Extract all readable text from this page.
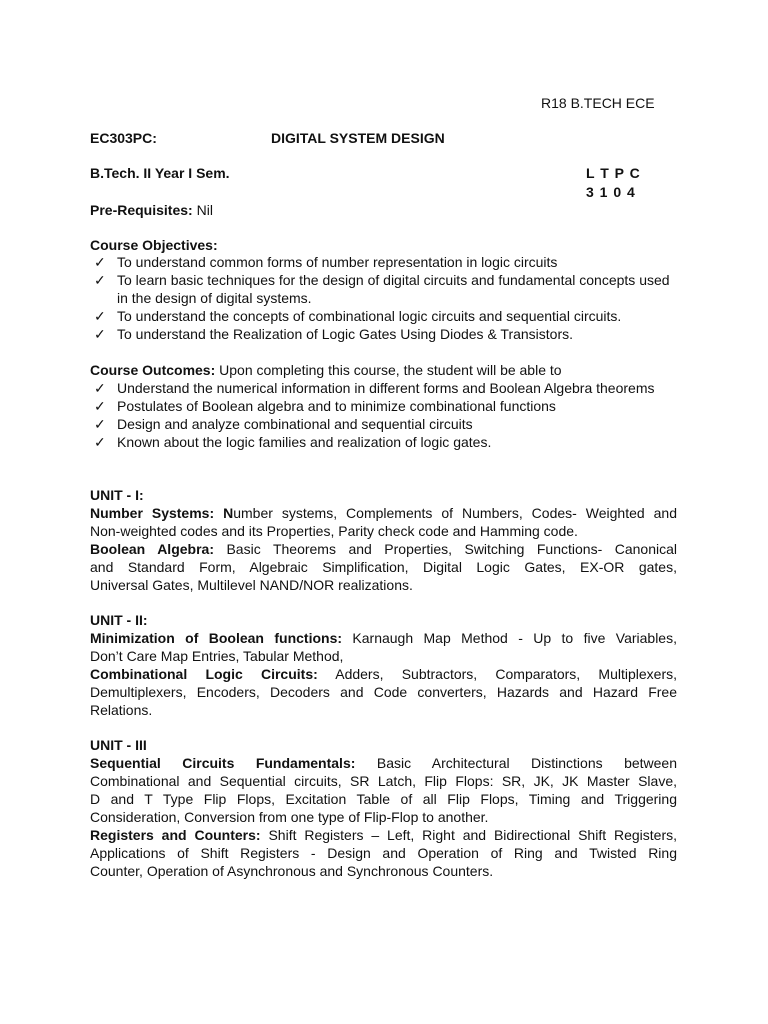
R18 B.TECH ECE
EC303PC:	DIGITAL SYSTEM DESIGN
B.Tech. II Year I Sem.	L T P C
3 1 0 4
Pre-Requisites: Nil
Course Objectives:
✓ To understand common forms of number representation in logic circuits
✓ To learn basic techniques for the design of digital circuits and fundamental concepts used in the design of digital systems.
✓ To understand the concepts of combinational logic circuits and sequential circuits.
✓ To understand the Realization of Logic Gates Using Diodes & Transistors.
Course Outcomes: Upon completing this course, the student will be able to
✓ Understand the numerical information in different forms and Boolean Algebra theorems
✓ Postulates of Boolean algebra and to minimize combinational functions
✓ Design and analyze combinational and sequential circuits
✓ Known about the logic families and realization of logic gates.
UNIT - I:
Number Systems: Number systems, Complements of Numbers, Codes- Weighted and
Non-weighted codes and its Properties, Parity check code and Hamming code.
Boolean Algebra: Basic Theorems and Properties, Switching Functions- Canonical
and Standard Form, Algebraic Simplification, Digital Logic Gates, EX-OR gates,
Universal Gates, Multilevel NAND/NOR realizations.
UNIT - II:
Minimization of Boolean functions: Karnaugh Map Method - Up to five Variables,
Don’t Care Map Entries, Tabular Method,
Combinational Logic Circuits: Adders, Subtractors, Comparators, Multiplexers,
Demultiplexers, Encoders, Decoders and Code converters, Hazards and Hazard Free
Relations.
UNIT - III
Sequential Circuits Fundamentals: Basic Architectural Distinctions between
Combinational and Sequential circuits, SR Latch, Flip Flops: SR, JK, JK Master Slave,
D and T Type Flip Flops, Excitation Table of all Flip Flops, Timing and Triggering
Consideration, Conversion from one type of Flip-Flop to another.
Registers and Counters: Shift Registers – Left, Right and Bidirectional Shift Registers,
Applications of Shift Registers - Design and Operation of Ring and Twisted Ring
Counter, Operation of Asynchronous and Synchronous Counters.
